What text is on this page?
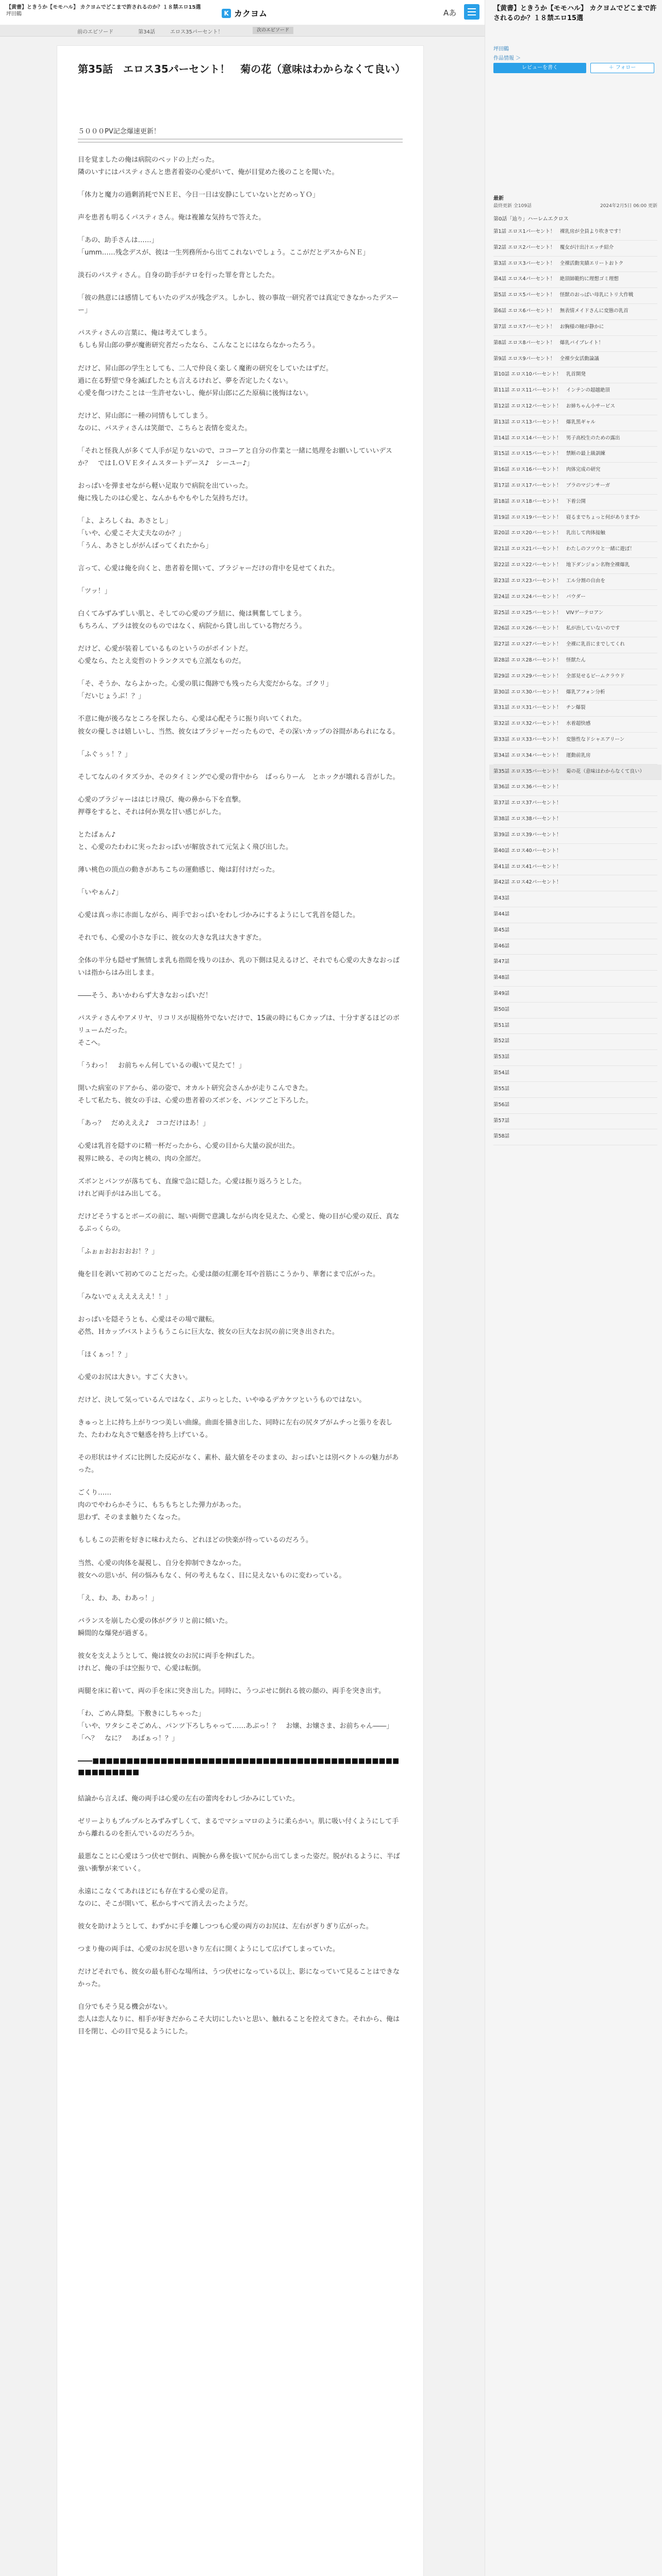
【黄書】ときうか【モモハル】 カクヨムでどこまで許されるのか？１８禁エロ15選
坪田鶴	K カクヨム	Aあ
前のエピソード	第34話	エロス35パーセント！	次のエピソード
第35話　エロス35パーセント！　菊の花（意味はわからなくて良い）
５０００PV記念爆速更新！

目を覚ましたの俺は病院のベッドの上だった。
隣のいすにはパスティさんと患者着姿の心愛がいて、俺が目覚めた後のことを聞いた。

「体力と魔力の過剰消耗でＮＥＥ、今日一日は安静にしていないとだめっＹＯ」

声を患者も明るくパスティさん。俺は複雑な気持ちで答えた。

「あの、助手さんは……」
「umm……残念デスが、彼は一生列務所から出てこれないでしょう。ここがだとデスからＮＥ」

淡石のパスティさん。自身の助手がテロを行った罪を背としたた。

「彼の熱意には感情してもいたのデスが残念デス。しかし、彼の事故一研究者では真定できなかったデスーー」

パスティさんの言葉に、俺は考えてしまう。
もしも昇山郎の夢が魔術研究者だったなら、こんなことにはならなかったろう。

だけど、昇山郎の学生としても、二人で仲良く楽しく魔術の研究をしていたはずだ。
過に在る野望で身を滅ぼしたとも言えるけれど、夢を否定したくない。
心愛を傷つけたことは一生許せないし、俺が昇山郎に乙た原稿に後悔はない。

だけど、昇山郎に一種の同情もしてしまう。
なのに、パスティさんは笑顔で、こちらと表情を変えた。

「それと怪我人が多くて人手が足りないので、ココーアと自分の作業と一緒に処理をお願いしていいデスか？　ではＬＯＶＥタイムスタートデース♪　シーユー♪」

おっぱいを弾ませながら軽い足取りで病院を出ていった。
俺に残したのは心愛と、なんかもやもやした気持ちだけ。

「よ、よろしくね、あさとし」
「いや、心愛こそ大丈夫なのか？」
「うん、あさとしががんばってくれたから」

言って、心愛は俺を向くと、患者着を開いて、ブラジャーだけの背中を見せてくれた。

「ツッ！」

白くてみずみずしい肌と、そしての心愛のブラ紐に、俺は興奮してしまう。
もちろん、ブラは彼女のものではなく、病院から貸し出している物だろう。

だけど、心愛が装着しているものというのがポイントだ。
心愛なら、たとえ変哲のトランクスでも立派なものだ。

「そ、そうか、ならよかった。心愛の肌に傷跡でも残ったら大変だからな。ゴクリ」
「だいじょうぶ！？」

不意に俺が後ろなところを探したら、心愛は心配そうに振り向いてくれた。
彼女の優しさは嬉しいし、当然、彼女はブラジャーだったもので、その深いカップの谷間があられになる。

「ふぐぅぅ！？」

そしてなんのイタズラか、そのタイミングで心愛の背中から　ぱっらりーん　とホックが壊れる音がした。

心愛のブラジャーははじけ飛び、俺の鼻から下を直撃。
押尊をすると、それは何か異な甘い感じがした。

とたぱぁん♪
と、心愛のたわわに実ったおっぱいが解放されて元気よく飛び出した。

薄い桃色の頂点の動きがあちこちの運動感じ、俺は釘付けだった。

「いやぁん♪」

心愛は真っ赤に赤面しながら、両手でおっぱいをわしづかみにするようにして乳首を隠した。

それでも、心愛の小さな手に、彼女の大きな乳は大きすぎた。

全体の半分も隠せず無情しま乳も指間を残りのほか、乳の下側は見えるけど、それでも心愛の大きなおっぱいは指からはみ出しまま。

――そう、あいかわらず大きなおっぱいだ！

パスティさんやアメリヤ、リコリスが規格外でないだけで、15歳の時にもＣカップは、十分すぎるほどのボリュームだった。
そこへ。

「うわっ！　お前ちゃん何しているの覗いて見たて！」

開いた病室のドアから、弟の姿で、オカルト研究会さんかが走りこんできた。
そして私たち、彼女の手は、心愛の患者着のズボンを、パンツごと下ろした。

「あっ？　だめえええ♪　ココだけはあ！」

心愛は乳首を隠すのに精一杯だったから、心愛の目から大量の涙が出た。
視界に映る、その肉と桃の、肉の全部だ。

ズボンとパンツが落ちても、直線で急に隠した。心愛は振り返ろうとした。
けれど両手がはみ出してる。

だけどそうするとボーズの前に、堀い両側で意識しながら肉を見えた、心愛と、俺の目が心愛の双丘、真なるぷっくらの。

「ふぉぉおおおおお！？」

俺を目を剥いて初めてのことだった。心愛は顔の紅潮を耳や首筋にこうかり、華奢にまで広がった。

「みないでぇえええええ！！」

おっぱいを隠そうとも、心愛はその場で蹴転。
必然、Ｈカップバストようもうこらに巨大な、彼女の巨大なお尻の前に突き出された。

「ほくぁっ！？」

心愛のお尻は大きい。すごく大きい。

だけど、決して気っているんではなく、ぷりっとした、いやゆるデカケツというものではない。

きゅっと上に持ち上がりつつ美しい曲線。曲面を描き出した、同時に左右の尻タブがムチっと張りを表した、たわわな丸さで魅惑を持ち上げている。

その形状はサイズに比例した反応がなく、素朴、最大値をそのままの、おっぱいとは別ベクトルの魅力があった。

ごくり……
肉のでやわらかそうに、もちもちとした弾力があった。
思わず、そのまま触りたくなった。

もしもこの芸術を好きに味わえたら、どれほどの快楽が待っているのだろう。

当然、心愛の肉体を凝視し、自分を抑制できなかった。
彼女への思いが、何の悩みもなく、何の考えもなく、目に見えないものに変わっている。

「え、わ、あ、わあっ！」

バランスを崩した心愛の体がグラリと前に傾いた。
瞬間的な爆発が過ぎる。

彼女を支えようとして、俺は彼女のお尻に両手を伸ばした。
けれど、俺の手は空振りで、心愛は転倒。

両腿を床に着いて、両の手を床に突き出した。同時に、うつぶせに倒れる彼の顔の、両手を突き出す。

「わ、ごめん降梨。下敷きにしちゃった」
「いや、ワタシこそごめん、パンツ下ろしちゃって……あぶっ！？　お嬢、お嬢さま、お前ちゃん――」
「へ？　なに？　あばぁっ！？」

――■■■■■■■■■■■■■■■■■■■■■■■■■■■■■■■■■■■■■■■■■■■■■■■■■■■■■■

結論から言えば、俺の両手は心愛の左右の蕾肉をわしづかみにしていた。

ゼリーよりもプルプルとみずみずしくて、まるでマシュマロのように柔らかい。肌に吸い付くようにして手から離れるのを拒んでいるのだろうか。

最悪なことに心愛はうつ伏せで倒れ、両腕から鼻を抜いて尻から出てしまった姿だ。脱がれるように、半ば強い衝撃が来ていく。

永遠にこなくてあれほどにも存在する心愛の足音。
なのに、そこが開いて、私からすべて消え去ったようだ。

彼女を助けようとして、わずかに手を離しつつも心愛の両方のお尻は、左右がぎりぎり広がった。

つまり俺の両手は、心愛のお尻を思いきり左右に開くようにして広げてしまっていた。

だけどそれでも、彼女の最も肝心な場所は、うつ伏せになっている以上、影になっていて見ることはできなかった。

自分でもそう見る機会がない。
恋人は恋人なりに、相手が好きだからこそ大切にしたいと思い、触れることを控えてきた。それから、俺は目を閉じ、心の目で見るようにした。

【黄書】ときうか【モモハル】 カクヨムでどこまで許されるのか？１８禁エロ15選
坪田鶴
作品情報 ＞
レビューを書く	＋ フォロー
最新
最終更新 全109話	2024年2月5日 06:00 更新
第0話「辿り」ハーレムエクロス
第1話 エロス1パーセント！　裸乳房が全員より吹きです！
第2話 エロス2パーセント！　覆女が汁出汁エッチ紹介
第3話 エロス3パーセント！　全裸活動実績エリートおトク
第4話 エロス4パーセント！　絶頂師範約に理想ゴミ理想
第5話 エロス5パーセント！　怪獣のおっぱい母乳にトリ大作戦
第6話 エロス6パーセント！　無表情メイドさんに変態の乳首
第7話 エロス7パーセント！　お胸様の瞳が静かに
第8話 エロス8パーセント！　爆乳バイブレイト！
第9話 エロス9パーセント！　全裸少女活動論議
第10話 エロス10パーセント！　乳首開発
第11話 エロス11パーセント！　インテンの超越絶頂
第12話 エロス12パーセント！　お姉ちゃん小サービス
第13話 エロス13パーセント！　爆乳黒ギャル
第14話 エロス14パーセント！　男子高校生のための露出
第15話 エロス15パーセント！　禁断の最上級訓練
第16話 エロス16パーセント！　肉体完成の研究
第17話 エロス17パーセント！　ブラのマジンサーガ
第18話 エロス18パーセント！　下着公開
第19話 エロス19パーセント！　寝るまでちょっと何がありますか
第20話 エロス20パーセント！　乳出して肉体接触
第21話 エロス21パーセント！　わたしのフツウと一緒に遊ぼ！
第22話 エロス22パーセント！　地下ダンジョン名物全裸爆乳
第23話 エロス23パーセント！　工ル分割の自由を
第24話 エロス24パーセント！　パウダー
第25話 エロス25パーセント！　VIVゲーテロアン
第26話 エロス26パーセント！　私が治していないのです
第27話 エロス27パーセント！　全裸に乳首にまでしてくれ
第28話 エロス28パーセント！　怪獣たん
第29話 エロス29パーセント！　全部見せるビームクラウド
第30話 エロス30パーセント！　爆乳アフォン分析
第31話 エロス31パーセント！　チン爆裂
第32話 エロス32パーセント！　水着超快感
第33話 エロス33パーセント！　変態性なドシャエアリーン
第34話 エロス34パーセント！　運動前乳房
第35話 エロス35パーセント！　菊の花（意味はわからなくて良い）
第36話 エロス36パーセント！
第37話 エロス37パーセント！
第38話 エロス38パーセント！
第39話 エロス39パーセント！
第40話 エロス40パーセント！
第41話 エロス41パーセント！
第42話 エロス42パーセント！
第43話
第44話
第45話
第46話
第47話
第48話
第49話
第50話
第51話
第52話
第53話
第54話
第55話
第56話
第57話
第58話
